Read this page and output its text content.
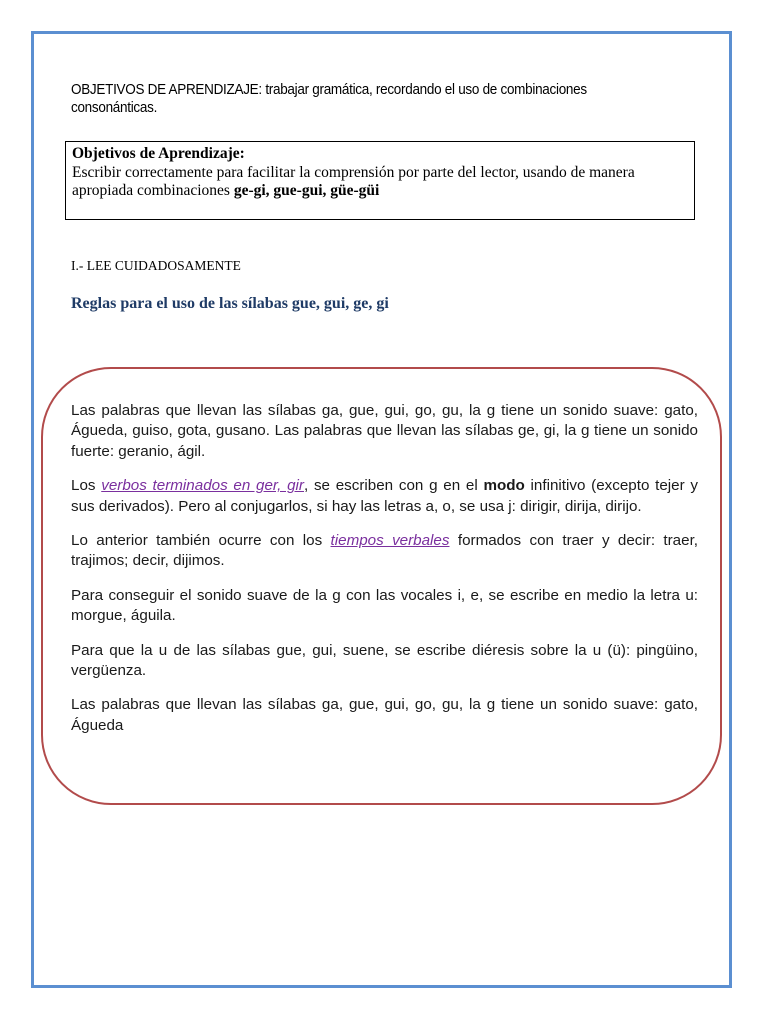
OBJETIVOS DE APRENDIZAJE: trabajar gramática, recordando el uso de combinaciones consonánticas.
Objetivos de Aprendizaje:
Escribir correctamente para facilitar la comprensión por parte del lector, usando de manera apropiada combinaciones ge-gi, gue-gui, güe-güi
I.- LEE CUIDADOSAMENTE
Reglas para el uso de las sílabas gue, gui, ge, gi

Las palabras que llevan las sílabas ga, gue, gui, go, gu, la g tiene un sonido suave: gato, Águeda, guiso, gota, gusano. Las palabras que llevan las sílabas ge, gi, la g tiene un sonido fuerte: geranio, ágil.

Los verbos terminados en ger, gir, se escriben con g en el modo infinitivo (excepto tejer y sus derivados). Pero al conjugarlos, si hay las letras a, o, se usa j: dirigir, dirija, dirijo.

Lo anterior también ocurre con los tiempos verbales formados con traer y decir: traer, trajimos; decir, dijimos.

Para conseguir el sonido suave de la g con las vocales i, e, se escribe en medio la letra u: morgue, águila.

Para que la u de las sílabas gue, gui, suene, se escribe diéresis sobre la u (ü): pingüino, vergüenza.

Las palabras que llevan las sílabas ga, gue, gui, go, gu, la g tiene un sonido suave: gato, Águeda
